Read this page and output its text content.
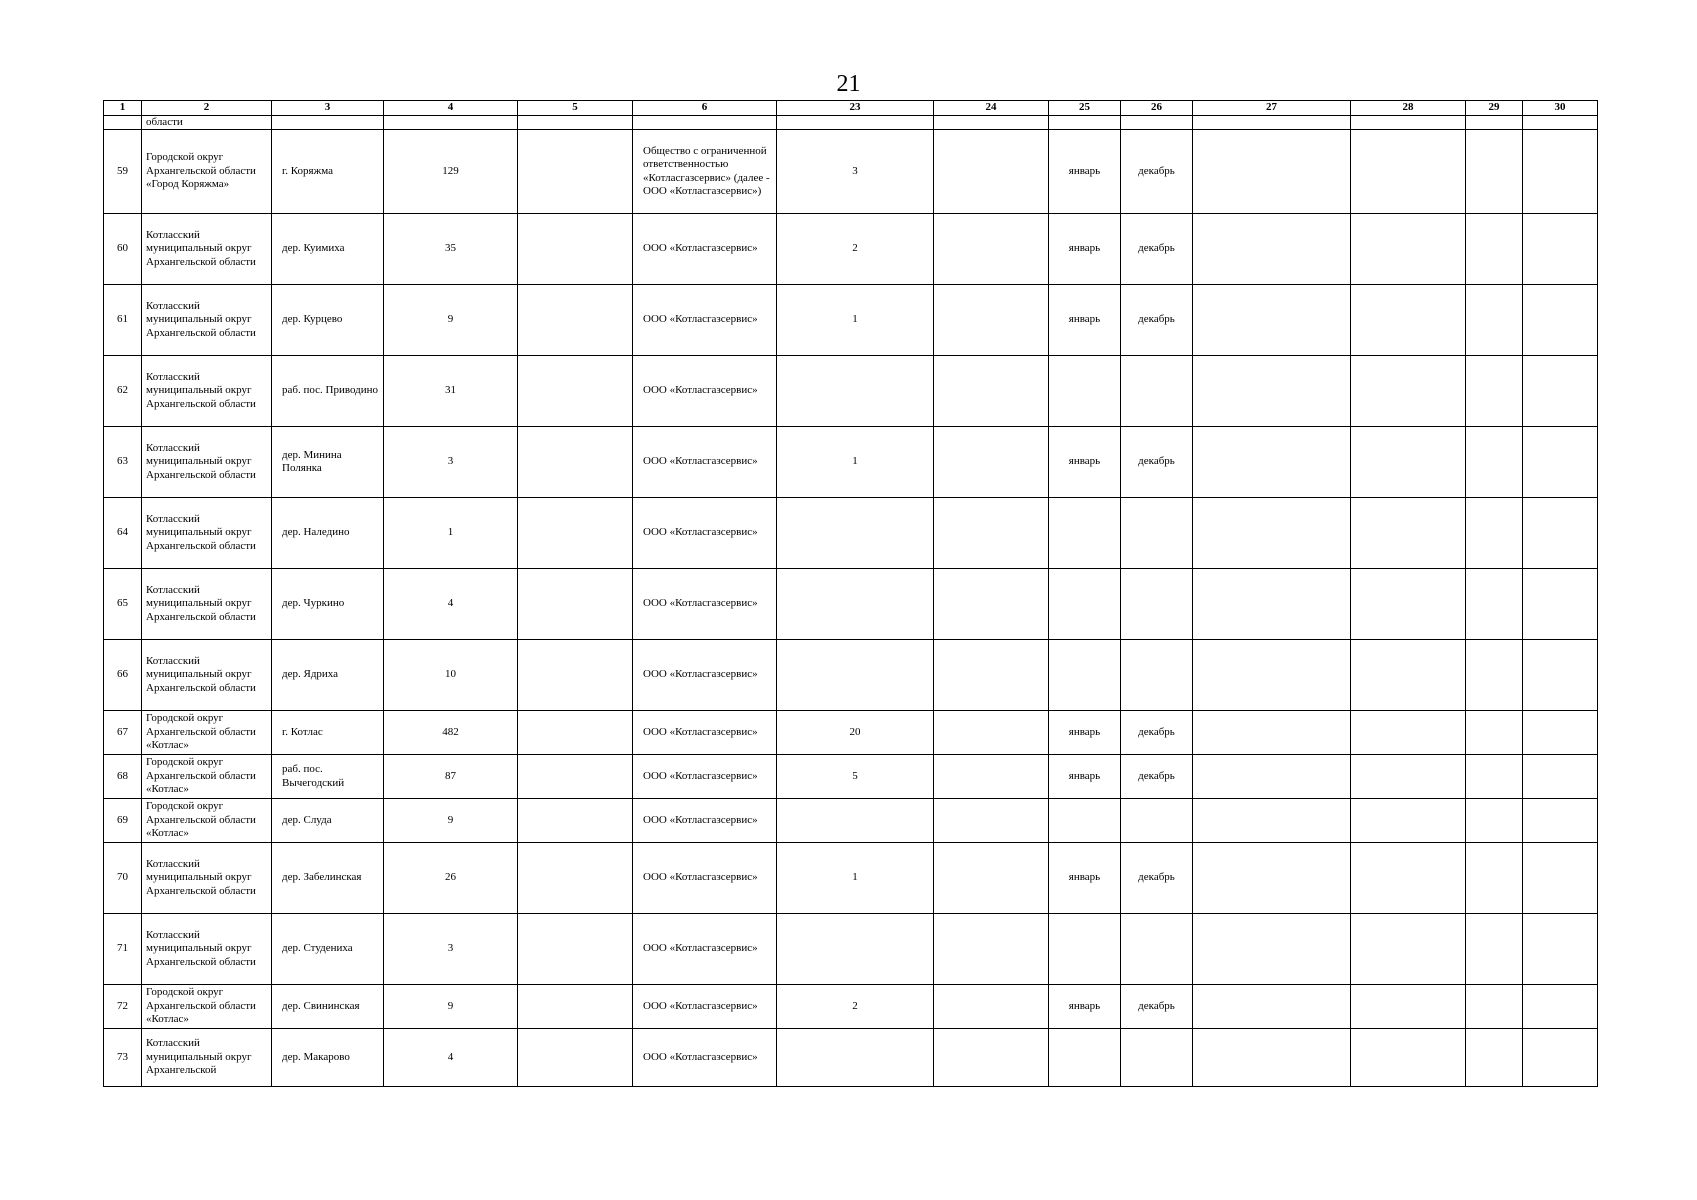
21
1	2	3	4	5	6	23	24	25	26	27	28	29	30
	области												
59	Городской округ Архангельской области «Город Коряжма»	г. Коряжма	129		Общество с ограниченной ответственностью «Котласгазсервис» (далее - ООО «Котласгазсервис»)	3		январь	декабрь				
60	Котласский муниципальный округ Архангельской области	дер. Куимиха	35		ООО «Котласгазсервис»	2		январь	декабрь				
61	Котласский муниципальный округ Архангельской области	дер. Курцево	9		ООО «Котласгазсервис»	1		январь	декабрь				
62	Котласский муниципальный округ Архангельской области	раб. пос. Приводино	31		ООО «Котласгазсервис»								
63	Котласский муниципальный округ Архангельской области	дер. Минина Полянка	3		ООО «Котласгазсервис»	1		январь	декабрь				
64	Котласский муниципальный округ Архангельской области	дер. Наледино	1		ООО «Котласгазсервис»								
65	Котласский муниципальный округ Архангельской области	дер. Чуркино	4		ООО «Котласгазсервис»								
66	Котласский муниципальный округ Архангельской области	дер. Ядриха	10		ООО «Котласгазсервис»								
67	Городской округ Архангельской области «Котлас»	г. Котлас	482		ООО «Котласгазсервис»	20		январь	декабрь				
68	Городской округ Архангельской области «Котлас»	раб. пос. Вычегодский	87		ООО «Котласгазсервис»	5		январь	декабрь				
69	Городской округ Архангельской области «Котлас»	дер. Слуда	9		ООО «Котласгазсервис»								
70	Котласский муниципальный округ Архангельской области	дер. Забелинская	26		ООО «Котласгазсервис»	1		январь	декабрь				
71	Котласский муниципальный округ Архангельской области	дер. Студениха	3		ООО «Котласгазсервис»								
72	Городской округ Архангельской области «Котлас»	дер. Свининская	9		ООО «Котласгазсервис»	2		январь	декабрь				
73	Котласский муниципальный округ Архангельской	дер. Макарово	4		ООО «Котласгазсервис»								
